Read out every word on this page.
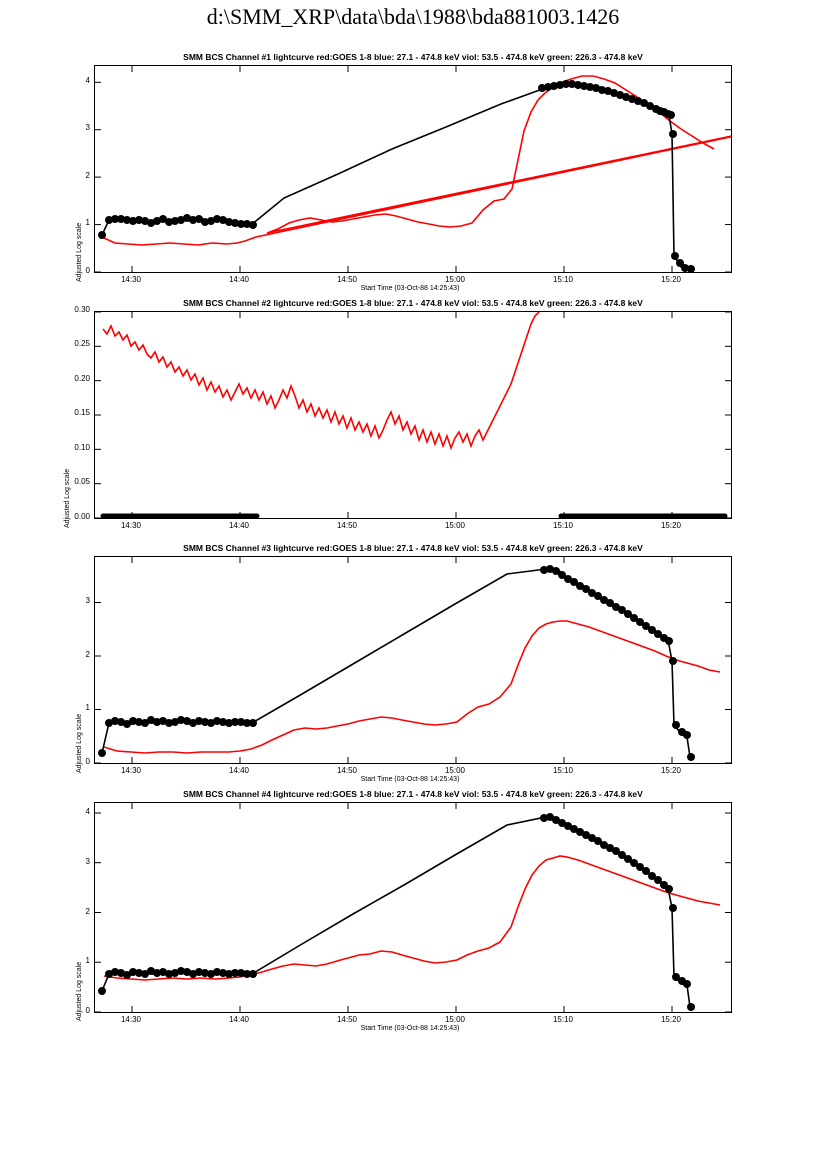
d:\SMM_XRP\data\bda\1988\bda881003.1426
SMM BCS Channel #1 lightcurve red:GOES 1-8 blue: 27.1 - 474.8 keV viol: 53.5 - 474.8 keV green: 226.3 - 474.8 keV
Adjusted Log scale
Start Time (03-Oct-88 14:25:43)
0
1
2
3
4
14:30	14:40	14:50	15:00	15:10	15:20
SMM BCS Channel #2 lightcurve red:GOES 1-8 blue: 27.1 - 474.8 keV viol: 53.5 - 474.8 keV green: 226.3 - 474.8 keV
Adjusted Log scale 0.00
0.05
0.10
0.15
0.20
0.25
0.30
14:30	14:40	14:50	15:00	15:10	15:20
SMM BCS Channel #3 lightcurve red:GOES 1-8 blue: 27.1 - 474.8 keV viol: 53.5 - 474.8 keV green: 226.3 - 474.8 keV
Adjusted Log scale
Start Time (03-Oct-88 14:25:43)
0
1
2
3
14:30	14:40	14:50	15:00	15:10	15:20
SMM BCS Channel #4 lightcurve red:GOES 1-8 blue: 27.1 - 474.8 keV viol: 53.5 - 474.8 keV green: 226.3 - 474.8 keV
Adjusted Log scale
Start Time (03-Oct-88 14:25:43)
0
1
2
3
4
14:30	14:40	14:50	15:00	15:10	15:20
